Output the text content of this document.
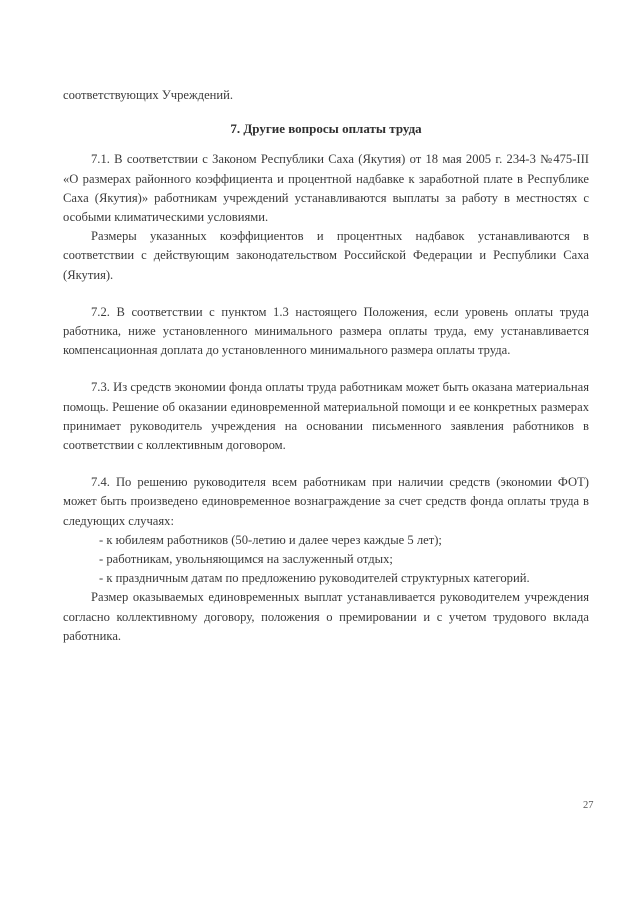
соответствующих Учреждений.

7. Другие вопросы оплаты труда

7.1. В соответствии с Законом Республики Саха (Якутия) от 18 мая 2005 г. 234-3 №475-III «О размерах районного коэффициента и процентной надбавке к заработной плате в Республике Саха (Якутия)» работникам учреждений устанавливаются выплаты за работу в местностях с особыми климатическими условиями.

Размеры указанных коэффициентов и процентных надбавок устанавливаются в соответствии с действующим законодательством Российской Федерации и Республики Саха (Якутия).

7.2. В соответствии с пунктом 1.3 настоящего Положения, если уровень оплаты труда работника, ниже установленного минимального размера оплаты труда, ему устанавливается компенсационная доплата до установленного минимального размера оплаты труда.

7.3. Из средств экономии фонда оплаты труда работникам может быть оказана материальная помощь. Решение об оказании единовременной материальной помощи и ее конкретных размерах принимает руководитель учреждения на основании письменного заявления работников в соответствии с коллективным договором.

7.4. По решению руководителя всем работникам при наличии средств (экономии ФОТ) может быть произведено единовременное вознаграждение за счет средств фонда оплаты труда в следующих случаях:

- к юбилеям работников (50-летию и далее через каждые 5 лет);
- работникам, увольняющимся на заслуженный отдых;
- к праздничным датам по предложению руководителей структурных категорий.

Размер оказываемых единовременных выплат устанавливается руководителем учреждения согласно коллективному договору, положения о премировании и с учетом трудового вклада работника.

27
